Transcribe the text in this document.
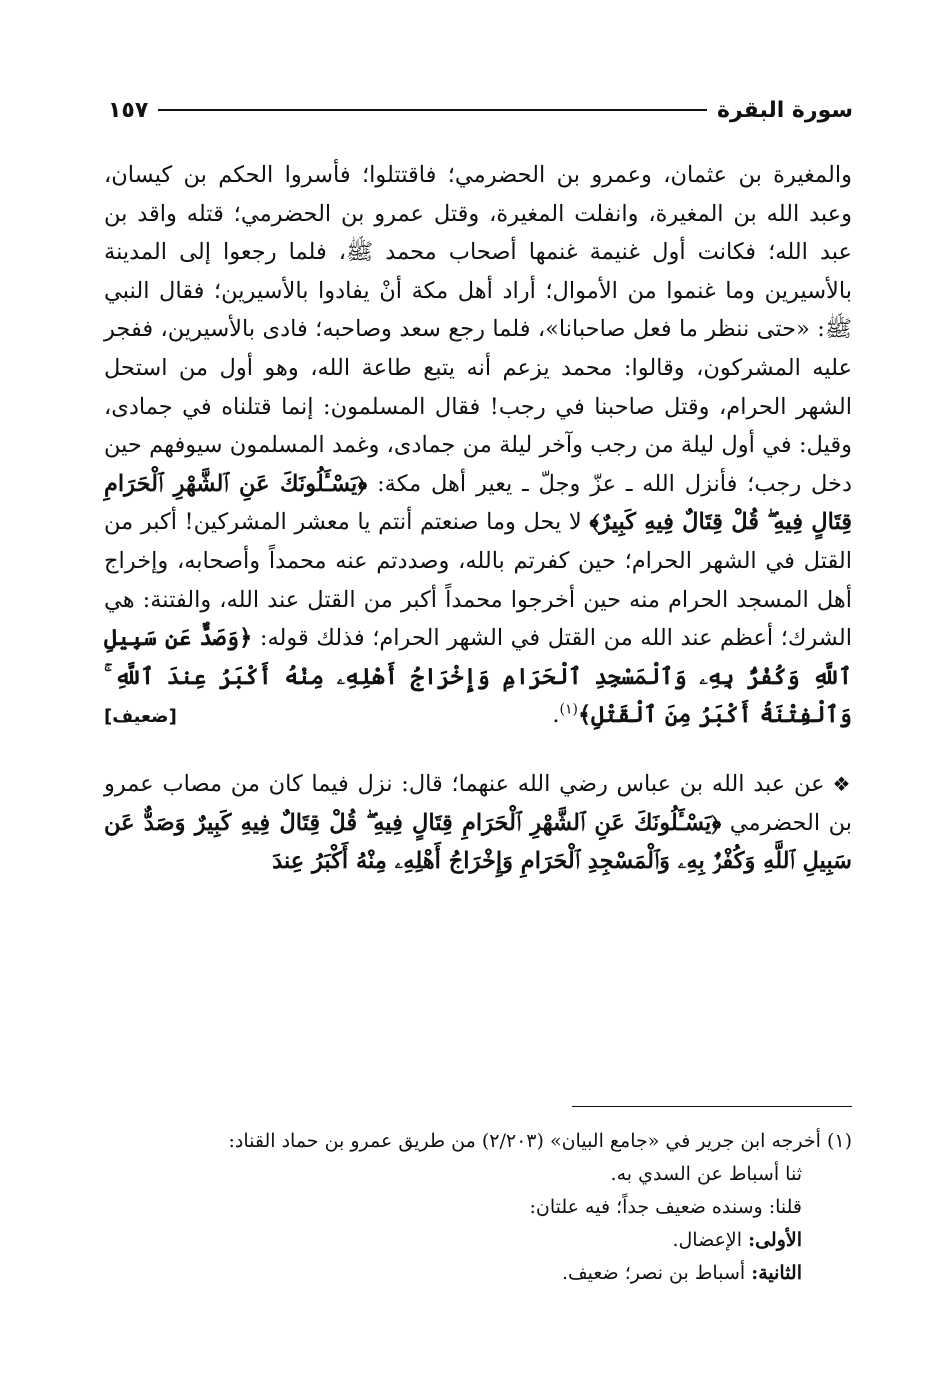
سورة البقرة
١٥٧

والمغيرة بن عثمان، وعمرو بن الحضرمي؛ فاقتتلوا؛ فأسروا الحكم بن كيسان، وعبد الله بن المغيرة، وانفلت المغيرة، وقتل عمرو بن الحضرمي؛ قتله واقد بن عبد الله؛ فكانت أول غنيمة غنمها أصحاب محمد ﷺ، فلما رجعوا إلى المدينة بالأسيرين وما غنموا من الأموال؛ أراد أهل مكة أنْ يفادوا بالأسيرين؛ فقال النبي ﷺ: «حتى ننظر ما فعل صاحبانا»، فلما رجع سعد وصاحبه؛ فادى بالأسيرين، ففجر عليه المشركون، وقالوا: محمد يزعم أنه يتبع طاعة الله، وهو أول من استحل الشهر الحرام، وقتل صاحبنا في رجب! فقال المسلمون: إنما قتلناه في جمادى، وقيل: في أول ليلة من رجب وآخر ليلة من جمادى، وغمد المسلمون سيوفهم حين دخل رجب؛ فأنزل الله ـ عزّ وجلّ ـ يعير أهل مكة: ﴿يَسْـَٔلُونَكَ عَنِ ٱلشَّهْرِ ٱلْحَرَامِ قِتَالٍ فِيهِ ۖ قُلْ قِتَالٌ فِيهِ كَبِيرٌ﴾ لا يحل وما صنعتم أنتم يا معشر المشركين! أكبر من القتل في الشهر الحرام؛ حين كفرتم بالله، وصددتم عنه محمداً وأصحابه، وإخراج أهل المسجد الحرام منه حين أخرجوا محمداً أكبر من القتل عند الله، والفتنة: هي الشرك؛ أعظم عند الله من القتل في الشهر الحرام؛ فذلك قوله: ﴿وَصَدٌّ عَن سَبِيلِ ٱللَّهِ وَكُفْرٌۢ بِهِۦ وَٱلْمَسْجِدِ ٱلْحَرَامِ وَإِخْرَاجُ أَهْلِهِۦ مِنْهُ أَكْبَرُ عِندَ ٱللَّهِ ۚ وَٱلْفِتْنَةُ أَكْبَرُ مِنَ ٱلْقَتْلِ﴾$^{(١)}$.
[ضعيف]

❖عن عبد الله بن عباس رضي الله عنهما؛ قال: نزل فيما كان من مصاب عمرو بن الحضرمي ﴿يَسْـَٔلُونَكَ عَنِ ٱلشَّهْرِ ٱلْحَرَامِ قِتَالٍ فِيهِ ۖ قُلْ قِتَالٌ فِيهِ كَبِيرٌ وَصَدٌّ عَن سَبِيلِ ٱللَّهِ وَكُفْرٌۢ بِهِۦ وَٱلْمَسْجِدِ ٱلْحَرَامِ وَإِخْرَاجُ أَهْلِهِۦ مِنْهُ أَكْبَرُ عِندَ

(١) أخرجه ابن جرير في «جامع البيان» (٢/٢٠٣) من طريق عمرو بن حماد القناد:

ثنا أسباط عن السدي به.

قلنا: وسنده ضعيف جداً؛ فيه علتان:

الأولى: الإعضال.

الثانية: أسباط بن نصر؛ ضعيف.
